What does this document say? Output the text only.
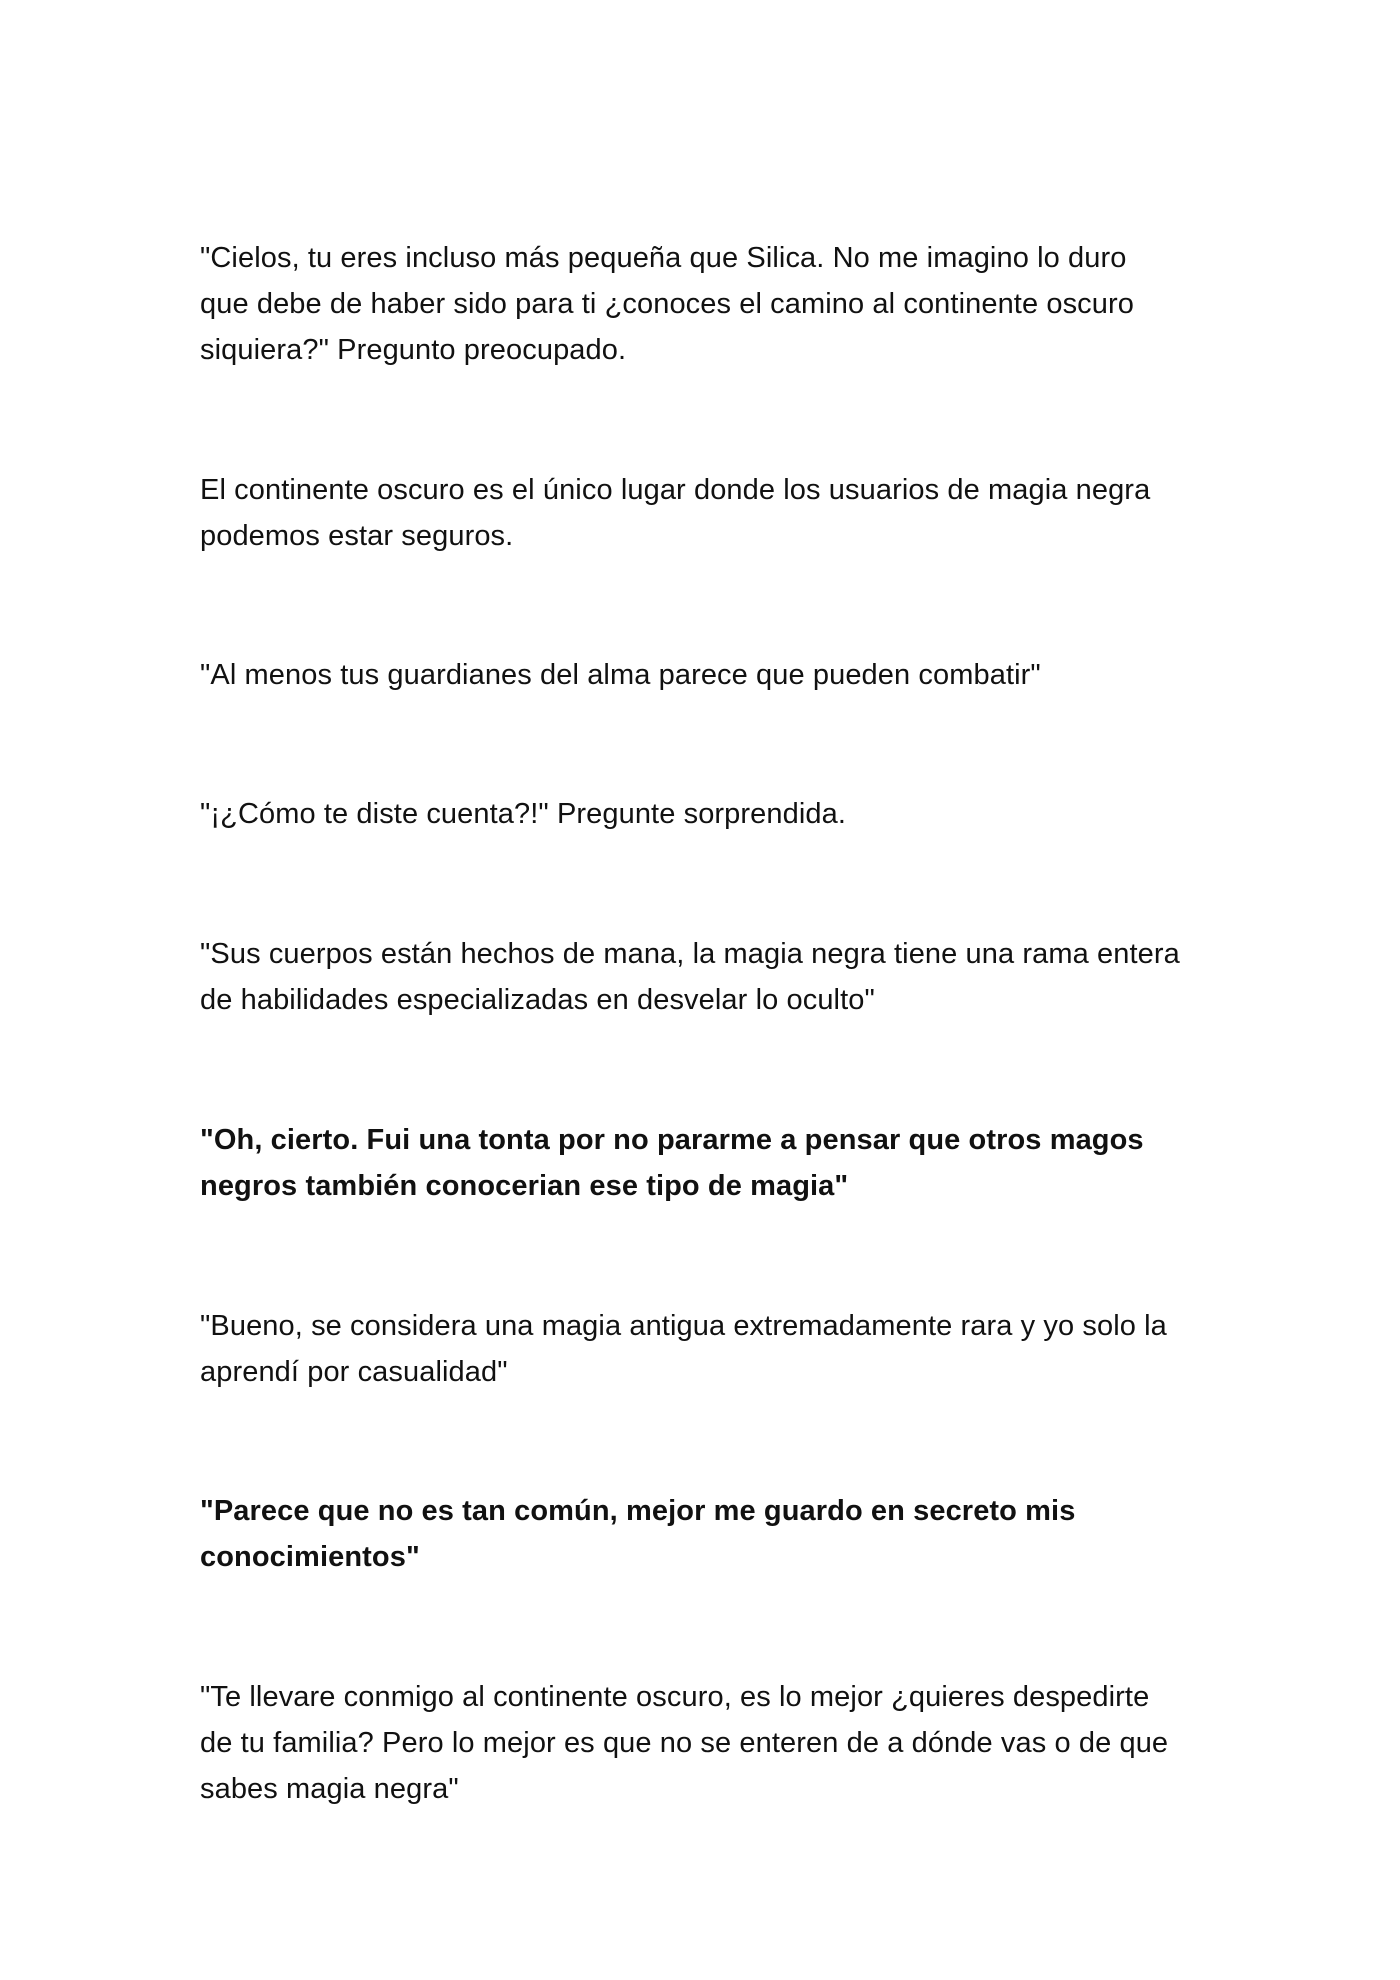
"Cielos, tu eres incluso más pequeña que Silica. No me imagino lo duro
que debe de haber sido para ti ¿conoces el camino al continente oscuro
siquiera?" Pregunto preocupado.
El continente oscuro es el único lugar donde los usuarios de magia negra
podemos estar seguros.
"Al menos tus guardianes del alma parece que pueden combatir"
"¡¿Cómo te diste cuenta?!" Pregunte sorprendida.
"Sus cuerpos están hechos de mana, la magia negra tiene una rama entera
de habilidades especializadas en desvelar lo oculto"
"Oh, cierto. Fui una tonta por no pararme a pensar que otros magos
negros también conocerian ese tipo de magia"
"Bueno, se considera una magia antigua extremadamente rara y yo solo la
aprendí por casualidad"
"Parece que no es tan común, mejor me guardo en secreto mis
conocimientos"
"Te llevare conmigo al continente oscuro, es lo mejor ¿quieres despedirte
de tu familia? Pero lo mejor es que no se enteren de a dónde vas o de que
sabes magia negra"
